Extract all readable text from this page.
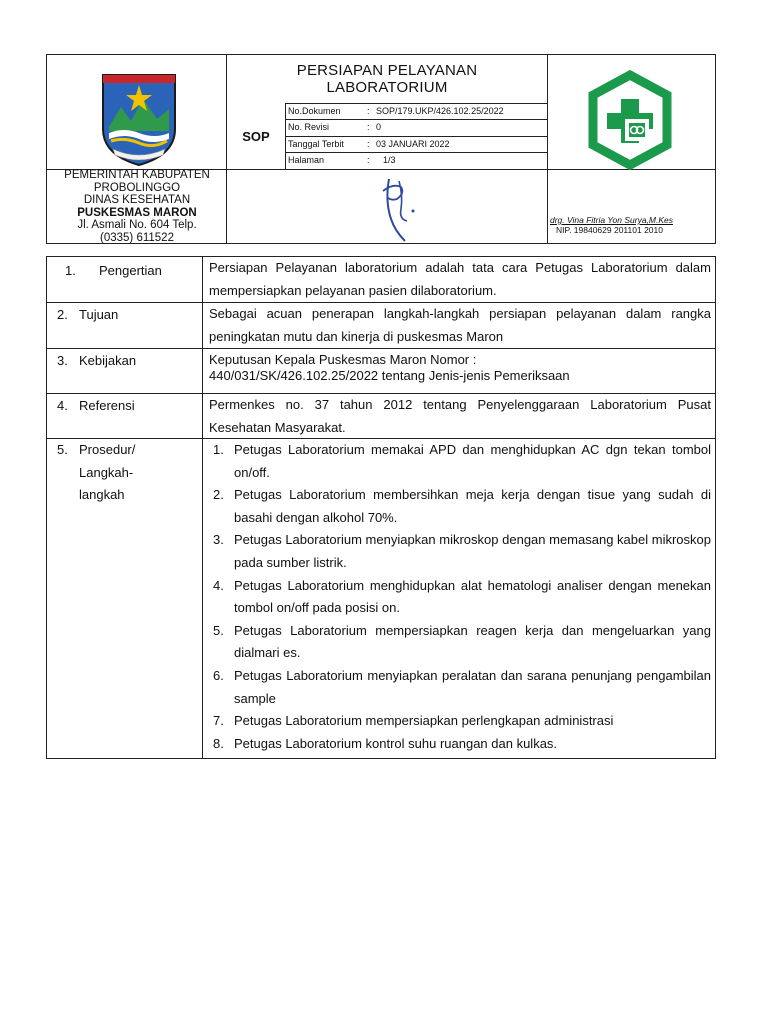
PERSIAPAN PELAYANAN
LABORATORIUM
SOP
No.Dokumen	: SOP/179.UKP/426.102.25/2022
No. Revisi	: 0
Tanggal Terbit	: 03 JANUARI 2022
Halaman	: 1/3
PEMERINTAH KABUPATEN
PROBOLINGGO
DINAS KESEHATAN
PUSKESMAS MARON
Jl. Asmali No. 604 Telp.
(0335) 611522
drg. Vina Fitria Yon Surya,M.Kes
NIP. 19840629 201101 2010
1. Pengertian	Persiapan Pelayanan laboratorium adalah tata cara Petugas Laboratorium dalam mempersiapkan pelayanan pasien dilaboratorium.
2. Tujuan	Sebagai acuan penerapan langkah-langkah persiapan pelayanan dalam rangka peningkatan mutu dan kinerja di puskesmas Maron
3. Kebijakan	Keputusan Kepala Puskesmas Maron Nomor :
440/031/SK/426.102.25/2022 tentang Jenis-jenis Pemeriksaan
4. Referensi	Permenkes no. 37 tahun 2012 tentang Penyelenggaraan Laboratorium Pusat Kesehatan Masyarakat.
5. Prosedur/
Langkah-
langkah
1. Petugas Laboratorium memakai APD dan menghidupkan AC dgn tekan tombol on/off.
2. Petugas Laboratorium membersihkan meja kerja dengan tisue yang sudah di basahi dengan alkohol 70%.
3. Petugas Laboratorium menyiapkan mikroskop dengan memasang kabel mikroskop pada sumber listrik.
4. Petugas Laboratorium menghidupkan alat hematologi analiser dengan menekan tombol on/off pada posisi on.
5. Petugas Laboratorium mempersiapkan reagen kerja dan mengeluarkan yang dialmari es.
6. Petugas Laboratorium menyiapkan peralatan dan sarana penunjang pengambilan sample
7. Petugas Laboratorium mempersiapkan perlengkapan administrasi
8. Petugas Laboratorium kontrol suhu ruangan dan kulkas.
